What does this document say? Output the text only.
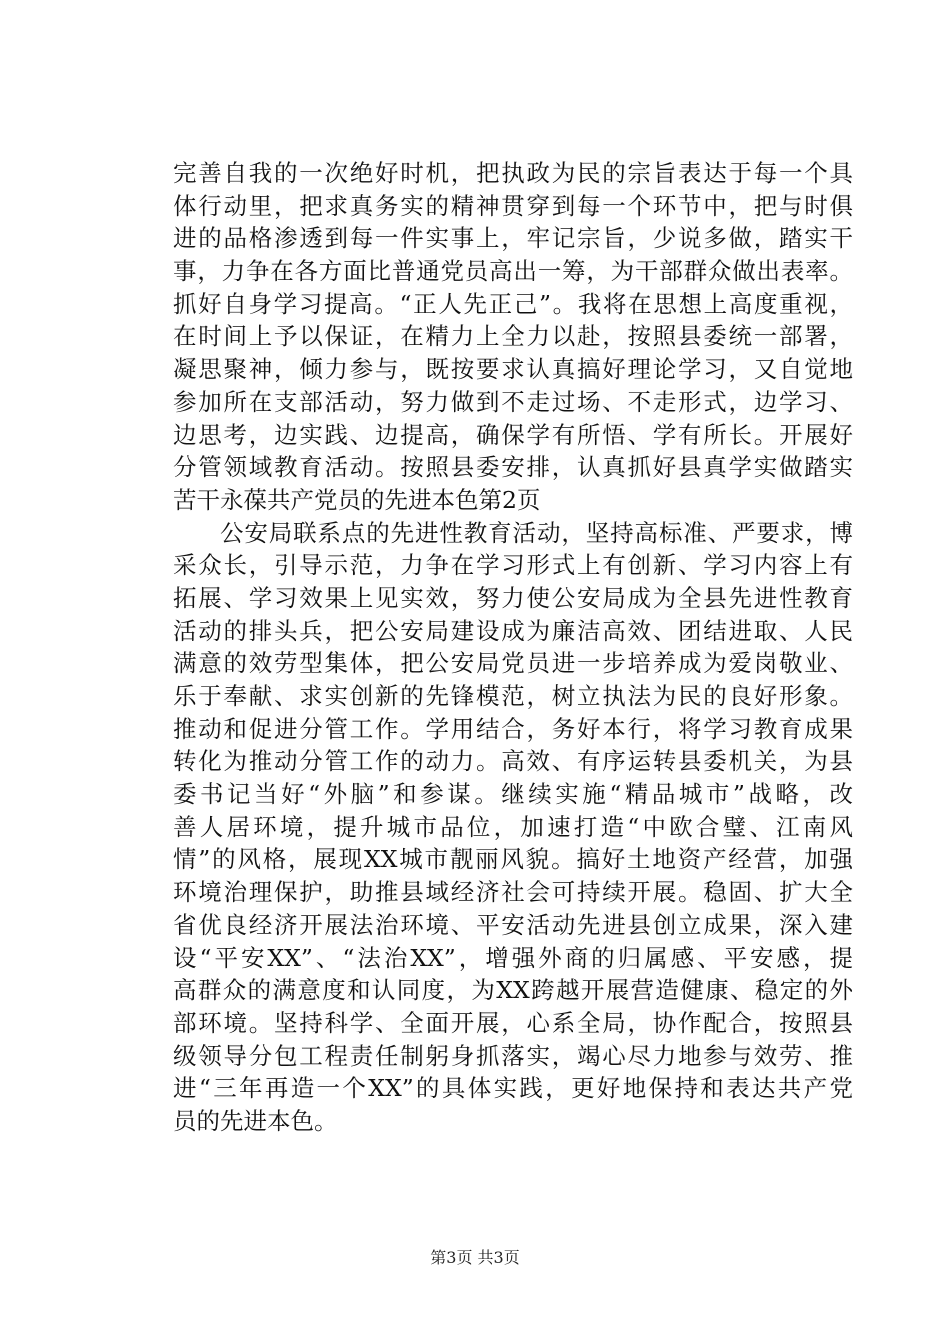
完善自我的一次绝好时机，把执政为民的宗旨表达于每一个具
体行动里，把求真务实的精神贯穿到每一个环节中，把与时俱
进的品格渗透到每一件实事上，牢记宗旨，少说多做，踏实干
事，力争在各方面比普通党员高出一筹，为干部群众做出表率。
抓好自身学习提高。“正人先正己”。我将在思想上高度重视，
在时间上予以保证，在精力上全力以赴，按照县委统一部署，
凝思聚神，倾力参与，既按要求认真搞好理论学习，又自觉地
参加所在支部活动，努力做到不走过场、不走形式，边学习、
边思考，边实践、边提高，确保学有所悟、学有所长。开展好
分管领域教育活动。按照县委安排，认真抓好县真学实做踏实
苦干永葆共产党员的先进本色第2页
公安局联系点的先进性教育活动，坚持高标准、严要求，博
采众长，引导示范，力争在学习形式上有创新、学习内容上有
拓展、学习效果上见实效，努力使公安局成为全县先进性教育
活动的排头兵，把公安局建设成为廉洁高效、团结进取、人民
满意的效劳型集体，把公安局党员进一步培养成为爱岗敬业、
乐于奉献、求实创新的先锋模范，树立执法为民的良好形象。
推动和促进分管工作。学用结合，务好本行，将学习教育成果
转化为推动分管工作的动力。高效、有序运转县委机关，为县
委书记当好“外脑”和参谋。继续实施“精品城市”战略，改
善人居环境，提升城市品位，加速打造“中欧合璧、江南风
情”的风格，展现XX城市靓丽风貌。搞好土地资产经营，加强
环境治理保护，助推县域经济社会可持续开展。稳固、扩大全
省优良经济开展法治环境、平安活动先进县创立成果，深入建
设“平安XX”、“法治XX”，增强外商的归属感、平安感，提
高群众的满意度和认同度，为XX跨越开展营造健康、稳定的外
部环境。坚持科学、全面开展，心系全局，协作配合，按照县
级领导分包工程责任制躬身抓落实，竭心尽力地参与效劳、推
进“三年再造一个XX”的具体实践，更好地保持和表达共产党
员的先进本色。
第3页 共3页
